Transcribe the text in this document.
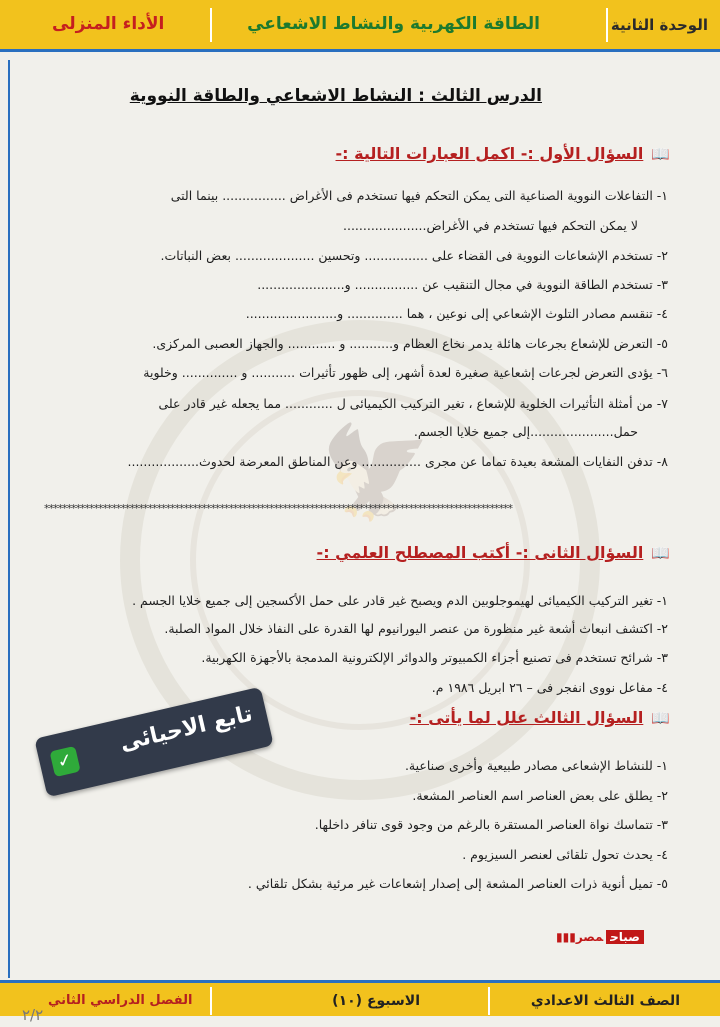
🦅
الوحدة الثانية
الطاقة الكهربية والنشاط الاشعاعي
الأداء المنزلى
الدرس الثالث : النشاط الاشعاعي والطاقة النووية
📖السؤال الأول :- اكمل العبارات التالية :-
١- التفاعلات النووية الصناعية التى يمكن التحكم فيها تستخدم فى الأغراض ................ بينما التى
لا يمكن التحكم فيها تستخدم في الأغراض.....................
٢- تستخدم الإشعاعات النووية فى القضاء على ................ وتحسين .................... بعض النباتات.
٣- تستخدم الطاقة النووية في مجال التنقيب عن ................ و......................
٤- تنقسم مصادر التلوث الإشعاعي إلى نوعين ، هما .............. و.......................
٥- التعرض للإشعاع بجرعات هائلة يدمر نخاع العظام و........... و ............ والجهاز العصبى المركزى.
٦- يؤدى التعرض لجرعات إشعاعية صغيرة لعدة أشهر، إلى ظهور تأثيرات ........... و .............. وخلوية
٧- من أمثلة التأثيرات الخلوية للإشعاع ، تغير التركيب الكيميائى ل ............ مما يجعله غير قادر على
حمل.....................إلى جميع خلايا الجسم.
٨- تدفن النفايات المشعة بعيدة تماما عن مجرى ............... وعن المناطق المعرضة لحدوث..................
********************************************************************************************************
📖السؤال الثانى :- أكتب المصطلح العلمي :-
١- تغير التركيب الكيميائى لهيموجلوبين الدم ويصبح غير قادر على حمل الأكسجين إلى جميع خلايا الجسم .
٢- اكتشف انبعاث أشعة غير منظورة من عنصر اليورانيوم لها القدرة على النفاذ خلال المواد الصلبة.
٣- شرائح تستخدم فى تصنيع أجزاء الكمبيوتر والدوائر الإلكترونية المدمجة بالأجهزة الكهربية.
٤- مفاعل نووى انفجر فى – ٢٦ ابريل ١٩٨٦ م.
📖السؤال الثالث علل لما يأتى :-
١- للنشاط الإشعاعى مصادر طبيعية وأخرى صناعية.
٢- يطلق على بعض العناصر اسم العناصر المشعة.
٣- تتماسك نواة العناصر المستقرة بالرغم من وجود قوى تنافر داخلها.
٤- يحدث تحول تلقائى لعنصر السيزيوم .
٥- تميل أنوية ذرات العناصر المشعة إلى إصدار إشعاعات غير مرئية بشكل تلقائي .
تابع الاحيائى
✓
▮▮▮	صباحمصر
الصف الثالث الاعدادي
الاسبوع (١٠)
الفصل الدراسي الثاني
٢/٢
